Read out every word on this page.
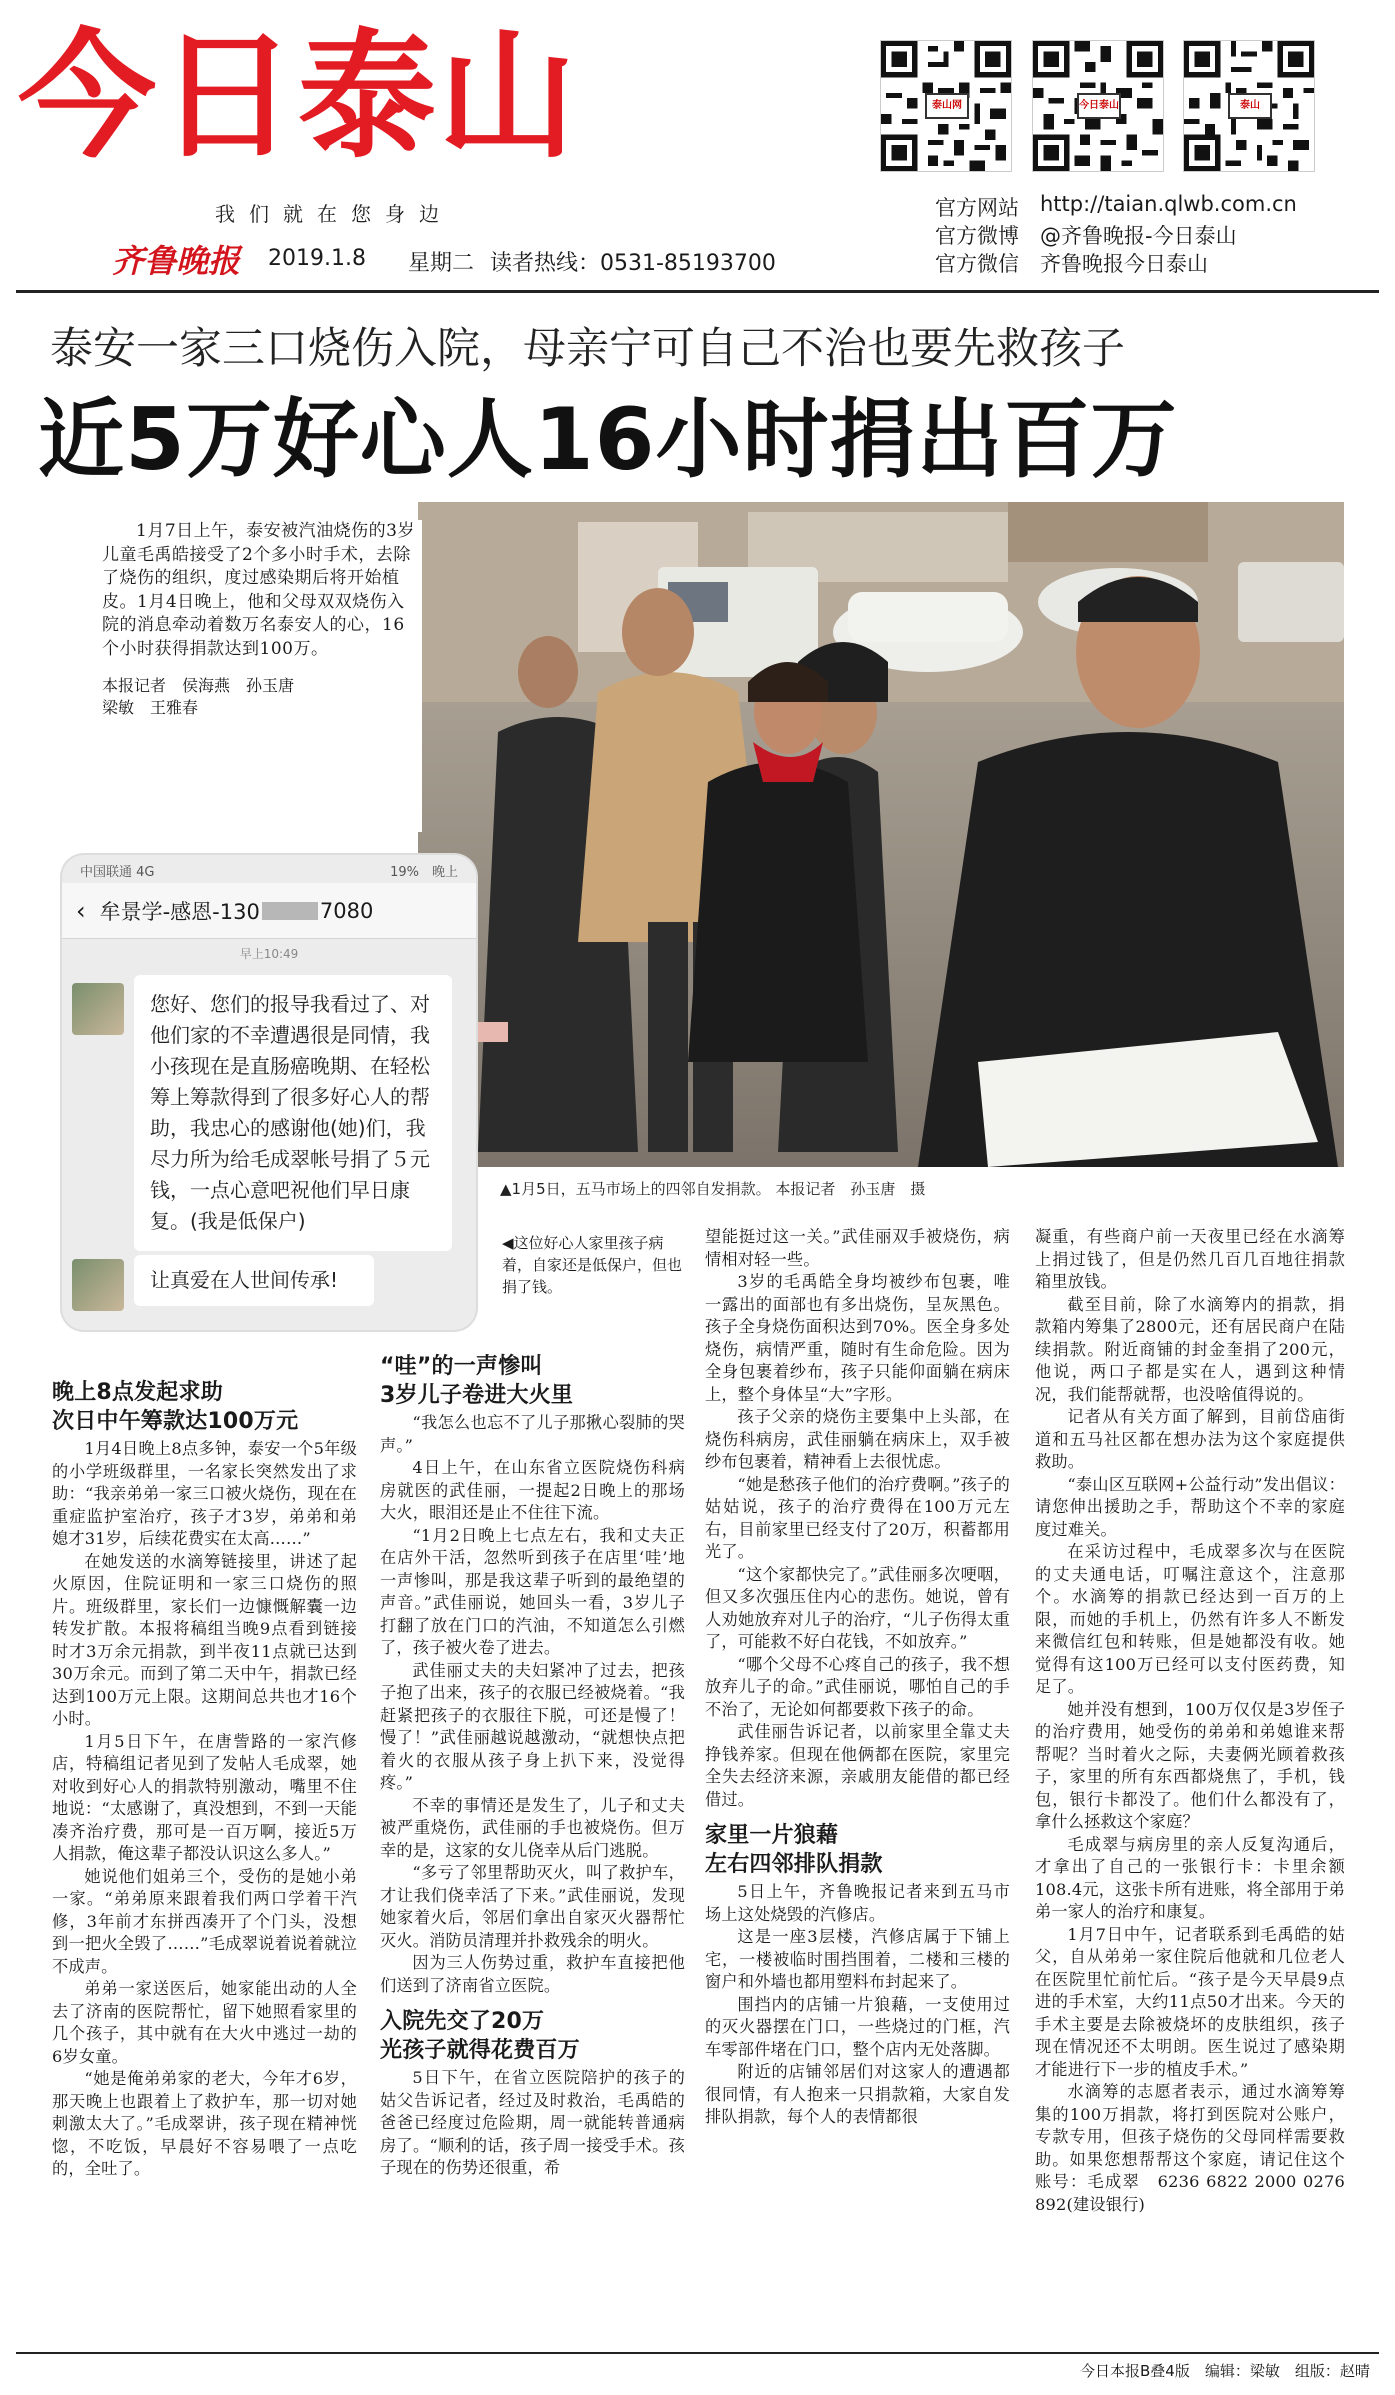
今日泰山
我们就在您身边
齐鲁晚报 2019.1.8 星期二 读者热线：0531-85193700
泰山网	今日泰山	泰山
官方网站 http://taian.qlwb.com.cn
官方微博 @齐鲁晚报-今日泰山
官方微信 齐鲁晚报今日泰山
泰安一家三口烧伤入院，母亲宁可自己不治也要先救孩子
近5万好心人16小时捐出百万

1月7日上午，泰安被汽油烧伤的3岁儿童毛禹皓接受了2个多小时手术，去除了烧伤的组织，度过感染期后将开始植皮。1月4日晚上，他和父母双双烧伤入院的消息牵动着数万名泰安人的心，16个小时获得捐款达到100万。

本报记者　侯海燕　孙玉唐
梁敏　王雅春
中国联通 4G	19%　晚上
‹ 牟景学-感恩-130	7080
早上10:49
您好、您们的报导我看过了、对他们家的不幸遭遇很是同情，我小孩现在是直肠癌晚期、在轻松筹上筹款得到了很多好心人的帮助，我忠心的感谢他(她)们，我尽力所为给毛成翠帐号捐了５元钱，一点心意吧祝他们早日康复。(我是低保户)
让真爱在人世间传承!
▲1月5日，五马市场上的四邻自发捐款。 本报记者　孙玉唐　摄
◀这位好心人家里孩子病着，自家还是低保户，但也捐了钱。

晚上8点发起求助

次日中午筹款达100万元

1月4日晚上8点多钟，泰安一个5年级的小学班级群里，一名家长突然发出了求助：“我亲弟弟一家三口被火烧伤，现在在重症监护室治疗，孩子才3岁，弟弟和弟媳才31岁，后续花费实在太高……”

在她发送的水滴筹链接里，讲述了起火原因，住院证明和一家三口烧伤的照片。班级群里，家长们一边慷慨解囊一边转发扩散。本报将稿组当晚9点看到链接时才3万余元捐款，到半夜11点就已达到30万余元。而到了第二天中午，捐款已经达到100万元上限。这期间总共也才16个小时。

1月5日下午，在唐訾路的一家汽修店，特稿组记者见到了发帖人毛成翠，她对收到好心人的捐款特别激动，嘴里不住地说：“太感谢了，真没想到，不到一天能凑齐治疗费，那可是一百万啊，接近5万人捐款，俺这辈子都没认识这么多人。”

她说他们姐弟三个，受伤的是她小弟一家。“弟弟原来跟着我们两口学着干汽修，3年前才东拼西凑开了个门头，没想到一把火全毁了……”毛成翠说着说着就泣不成声。

弟弟一家送医后，她家能出动的人全去了济南的医院帮忙，留下她照看家里的几个孩子，其中就有在大火中逃过一劫的6岁女童。

“她是俺弟弟家的老大，今年才6岁，那天晚上也跟着上了救护车，那一切对她刺激太大了。”毛成翠讲，孩子现在精神恍惚，不吃饭，早晨好不容易喂了一点吃的，全吐了。

“哇”的一声惨叫

3岁儿子卷进大火里

“我怎么也忘不了儿子那揪心裂肺的哭声。”

4日上午，在山东省立医院烧伤科病房就医的武佳丽，一提起2日晚上的那场大火，眼泪还是止不住往下流。

“1月2日晚上七点左右，我和丈夫正在店外干活，忽然听到孩子在店里‘哇’地一声惨叫，那是我这辈子听到的最绝望的声音。”武佳丽说，她回头一看，3岁儿子打翻了放在门口的汽油，不知道怎么引燃了，孩子被火卷了进去。

武佳丽丈夫的夫妇紧冲了过去，把孩子抱了出来，孩子的衣服已经被烧着。“我赶紧把孩子的衣服往下脱，可还是慢了！慢了！”武佳丽越说越激动，“就想快点把着火的衣服从孩子身上扒下来，没觉得疼。”

不幸的事情还是发生了，儿子和丈夫被严重烧伤，武佳丽的手也被烧伤。但万幸的是，这家的女儿侥幸从后门逃脱。

“多亏了邻里帮助灭火，叫了救护车，才让我们侥幸活了下来。”武佳丽说，发现她家着火后，邻居们拿出自家灭火器帮忙灭火。消防员清理并扑救残余的明火。

因为三人伤势过重，救护车直接把他们送到了济南省立医院。

入院先交了20万

光孩子就得花费百万

5日下午，在省立医院陪护的孩子的姑父告诉记者，经过及时救治，毛禹皓的爸爸已经度过危险期，周一就能转普通病房了。“顺利的话，孩子周一接受手术。孩子现在的伤势还很重，希

望能挺过这一关。”武佳丽双手被烧伤，病情相对轻一些。

3岁的毛禹皓全身均被纱布包裹，唯一露出的面部也有多出烧伤，呈灰黑色。孩子全身烧伤面积达到70%。医全身多处烧伤，病情严重，随时有生命危险。因为全身包裹着纱布，孩子只能仰面躺在病床上，整个身体呈“大”字形。

孩子父亲的烧伤主要集中上头部，在烧伤科病房，武佳丽躺在病床上，双手被纱布包裹着，精神看上去很忧虑。

“她是愁孩子他们的治疗费啊。”孩子的姑姑说，孩子的治疗费得在100万元左右，目前家里已经支付了20万，积蓄都用光了。

“这个家都快完了。”武佳丽多次哽咽，但又多次强压住内心的悲伤。她说，曾有人劝她放弃对儿子的治疗，“儿子伤得太重了，可能救不好白花钱，不如放弃。”

“哪个父母不心疼自己的孩子，我不想放弃儿子的命。”武佳丽说，哪怕自己的手不治了，无论如何都要救下孩子的命。

武佳丽告诉记者，以前家里全靠丈夫挣钱养家。但现在他俩都在医院，家里完全失去经济来源，亲戚朋友能借的都已经借过。

家里一片狼藉

左右四邻排队捐款

5日上午，齐鲁晚报记者来到五马市场上这处烧毁的汽修店。

这是一座3层楼，汽修店属于下铺上宅，一楼被临时围挡围着，二楼和三楼的窗户和外墙也都用塑料布封起来了。

围挡内的店铺一片狼藉，一支使用过的灭火器摆在门口，一些烧过的门框，汽车零部件堵在门口，整个店内无处落脚。

附近的店铺邻居们对这家人的遭遇都很同情，有人抱来一只捐款箱，大家自发排队捐款，每个人的表情都很

凝重，有些商户前一天夜里已经在水滴筹上捐过钱了，但是仍然几百几百地往捐款箱里放钱。

截至目前，除了水滴筹内的捐款，捐款箱内筹集了2800元，还有居民商户在陆续捐款。附近商铺的封金奎捐了200元，他说，两口子都是实在人，遇到这种情况，我们能帮就帮，也没啥值得说的。

记者从有关方面了解到，目前岱庙街道和五马社区都在想办法为这个家庭提供救助。

“泰山区互联网+公益行动”发出倡议：请您伸出援助之手，帮助这个不幸的家庭度过难关。

在采访过程中，毛成翠多次与在医院的丈夫通电话，叮嘱注意这个，注意那个。水滴筹的捐款已经达到一百万的上限，而她的手机上，仍然有许多人不断发来微信红包和转账，但是她都没有收。她觉得有这100万已经可以支付医药费，知足了。

她并没有想到，100万仅仅是3岁侄子的治疗费用，她受伤的弟弟和弟媳谁来帮帮呢？当时着火之际，夫妻俩光顾着救孩子，家里的所有东西都烧焦了，手机，钱包，银行卡都没了。他们什么都没有了，拿什么拯救这个家庭？

毛成翠与病房里的亲人反复沟通后，才拿出了自己的一张银行卡：卡里余额108.4元，这张卡所有进账，将全部用于弟弟一家人的治疗和康复。

1月7日中午，记者联系到毛禹皓的姑父，自从弟弟一家住院后他就和几位老人在医院里忙前忙后。“孩子是今天早晨9点进的手术室，大约11点50才出来。今天的手术主要是去除被烧坏的皮肤组织，孩子现在情况还不太明朗。医生说过了感染期才能进行下一步的植皮手术。”

水滴筹的志愿者表示，通过水滴筹筹集的100万捐款，将打到医院对公账户，专款专用，但孩子烧伤的父母同样需要救助。如果您想帮帮这个家庭，请记住这个账号：毛成翠　6236 6822 2000 0276 892(建设银行)

今日本报B叠4版　编辑：梁敏　组版：赵晴
